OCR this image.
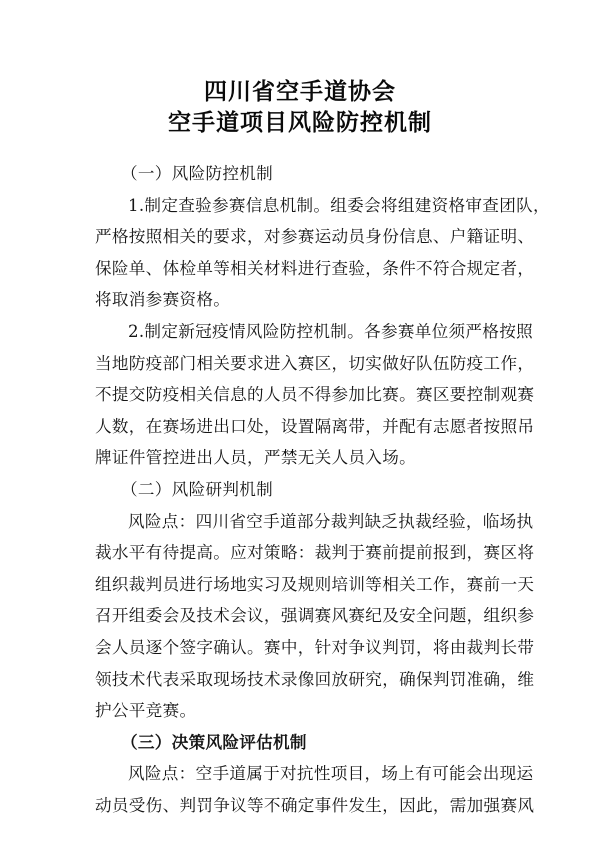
四川省空手道协会
空手道项目风险防控机制
（一）风险防控机制
1.制定查验参赛信息机制。组委会将组建资格审查团队，
严格按照相关的要求，对参赛运动员身份信息、户籍证明、
保险单、体检单等相关材料进行查验，条件不符合规定者，
将取消参赛资格。
2.制定新冠疫情风险防控机制。各参赛单位须严格按照
当地防疫部门相关要求进入赛区，切实做好队伍防疫工作，
不提交防疫相关信息的人员不得参加比赛。赛区要控制观赛
人数，在赛场进出口处，设置隔离带，并配有志愿者按照吊
牌证件管控进出人员，严禁无关人员入场。
（二）风险研判机制
风险点：四川省空手道部分裁判缺乏执裁经验，临场执
裁水平有待提高。应对策略：裁判于赛前提前报到，赛区将
组织裁判员进行场地实习及规则培训等相关工作，赛前一天
召开组委会及技术会议，强调赛风赛纪及安全问题，组织参
会人员逐个签字确认。赛中，针对争议判罚，将由裁判长带
领技术代表采取现场技术录像回放研究，确保判罚准确，维
护公平竞赛。
（三）决策风险评估机制
风险点：空手道属于对抗性项目，场上有可能会出现运
动员受伤、判罚争议等不确定事件发生，因此，需加强赛风
